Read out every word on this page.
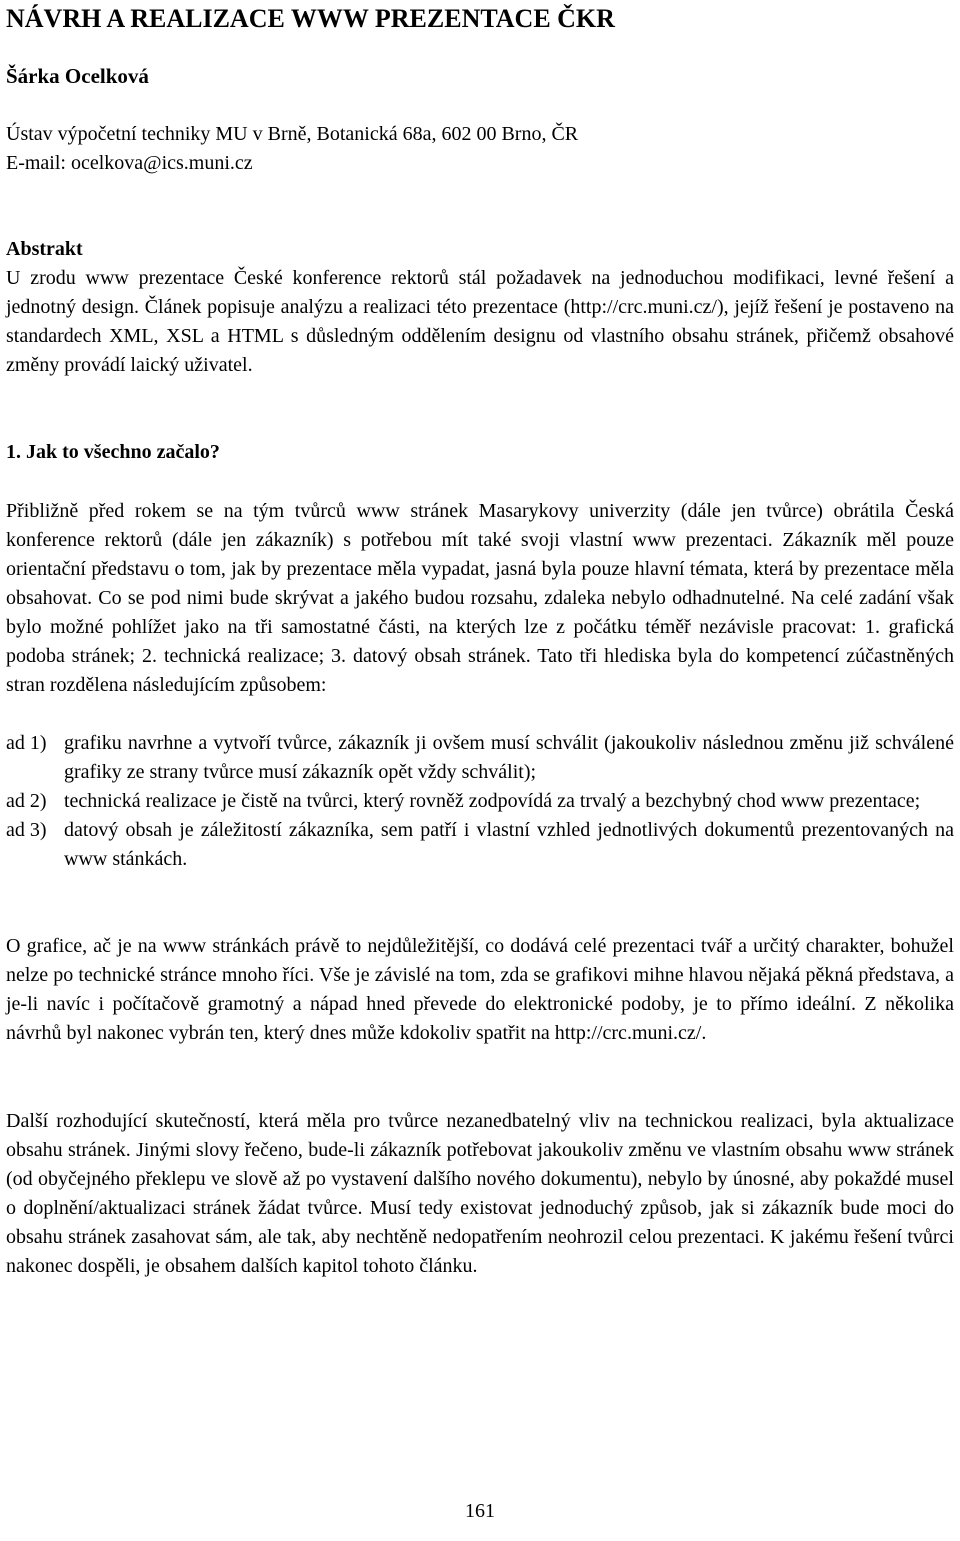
NÁVRH A REALIZACE WWW PREZENTACE ČKR
Šárka Ocelková
Ústav výpočetní techniky MU v Brně, Botanická 68a, 602 00 Brno, ČR
E-mail: ocelkova@ics.muni.cz
Abstrakt

U zrodu www prezentace České konference rektorů stál požadavek na jednoduchou modifikaci, levné řešení a jednotný design. Článek popisuje analýzu a realizaci této prezentace (http://crc.muni.cz/), jejíž řešení je postaveno na standardech XML, XSL a HTML s důsledným oddělením designu od vlastního obsahu stránek, přičemž obsahové změny provádí laický uživatel.

1. Jak to všechno začalo?

Přibližně před rokem se na tým tvůrců www stránek Masarykovy univerzity (dále jen tvůrce) obrátila Česká konference rektorů (dále jen zákazník) s potřebou mít také svoji vlastní www prezentaci. Zákazník měl pouze orientační představu o tom, jak by prezentace měla vypadat, jasná byla pouze hlavní témata, která by prezentace měla obsahovat. Co se pod nimi bude skrývat a jakého budou rozsahu, zdaleka nebylo odhadnutelné. Na celé zadání však bylo možné pohlížet jako na tři samostatné části, na kterých lze z počátku téměř nezávisle pracovat: 1. grafická podoba stránek; 2. technická realizace; 3. datový obsah stránek. Tato tři hlediska byla do kompetencí zúčastněných stran rozdělena následujícím způsobem:

ad 1) grafiku navrhne a vytvoří tvůrce, zákazník ji ovšem musí schválit (jakoukoliv následnou změnu již schválené grafiky ze strany tvůrce musí zákazník opět vždy schválit);
ad 2) technická realizace je čistě na tvůrci, který rovněž zodpovídá za trvalý a bezchybný chod www prezentace;
ad 3) datový obsah je záležitostí zákazníka, sem patří i vlastní vzhled jednotlivých dokumentů prezentovaných na www stánkách.

O grafice, ač je na www stránkách právě to nejdůležitější, co dodává celé prezentaci tvář a určitý charakter, bohužel nelze po technické stránce mnoho říci. Vše je závislé na tom, zda se grafikovi mihne hlavou nějaká pěkná představa, a je-li navíc i počítačově gramotný a nápad hned převede do elektronické podoby, je to přímo ideální. Z několika návrhů byl nakonec vybrán ten, který dnes může kdokoliv spatřit na http://crc.muni.cz/.

Další rozhodující skutečností, která měla pro tvůrce nezanedbatelný vliv na technickou realizaci, byla aktualizace obsahu stránek. Jinými slovy řečeno, bude-li zákazník potřebovat jakoukoliv změnu ve vlastním obsahu www stránek (od obyčejného překlepu ve slově až po vystavení dalšího nového dokumentu), nebylo by únosné, aby pokaždé musel o doplnění/aktualizaci stránek žádat tvůrce. Musí tedy existovat jednoduchý způsob, jak si zákazník bude moci do obsahu stránek zasahovat sám, ale tak, aby nechtěně nedopatřením neohrozil celou prezentaci. K jakému řešení tvůrci nakonec dospěli, je obsahem dalších kapitol tohoto článku.

161
